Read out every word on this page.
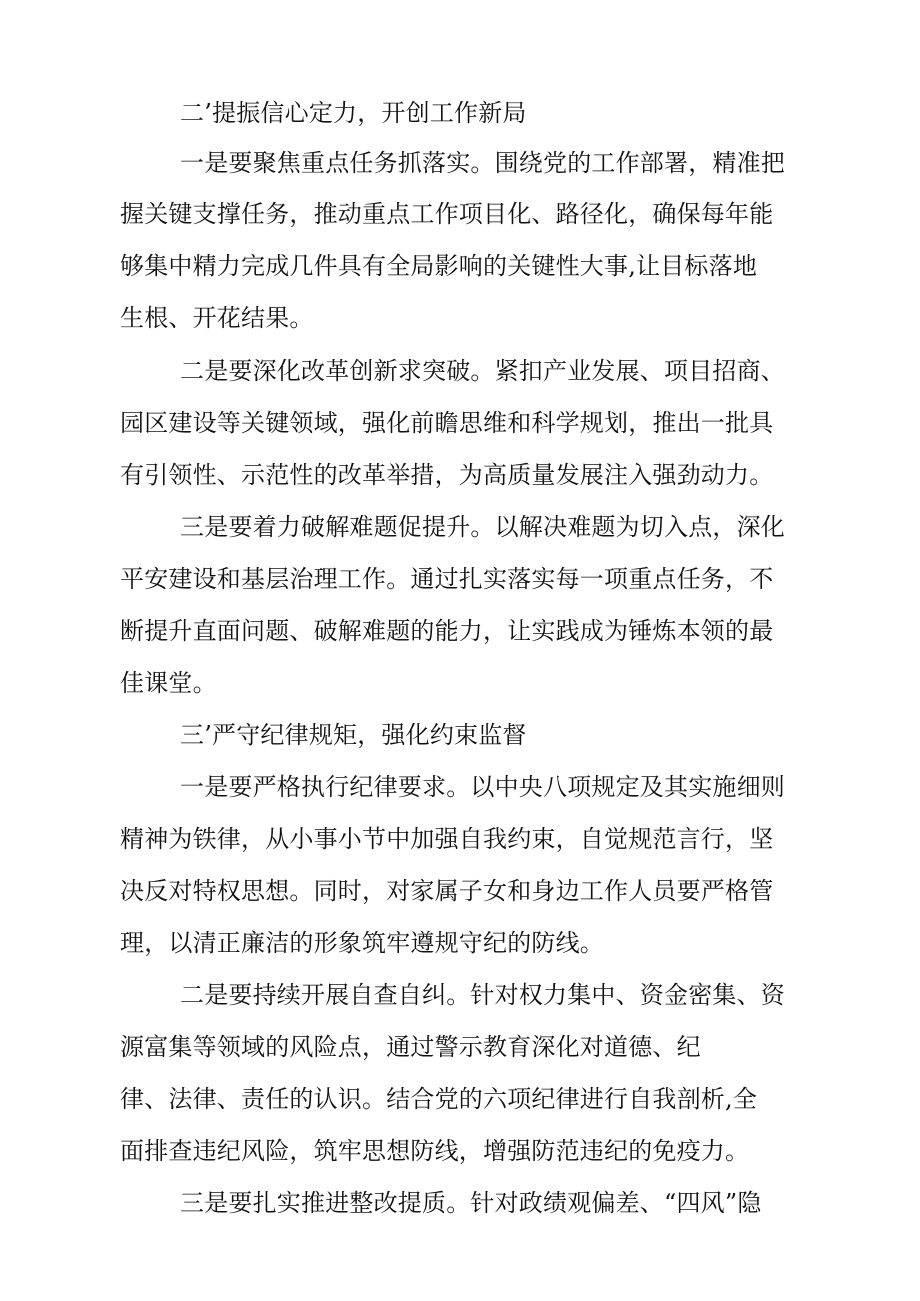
二’提振信心定力，开创工作新局
一是要聚焦重点任务抓落实。围绕党的工作部署，精准把
握关键支撑任务，推动重点工作项目化、路径化，确保每年能
够集中精力完成几件具有全局影响的关键性大事,让目标落地
生根、开花结果。
二是要深化改革创新求突破。紧扣产业发展、项目招商、
园区建设等关键领域，强化前瞻思维和科学规划，推出一批具
有引领性、示范性的改革举措，为高质量发展注入强劲动力。
三是要着力破解难题促提升。以解决难题为切入点，深化
平安建设和基层治理工作。通过扎实落实每一项重点任务，不
断提升直面问题、破解难题的能力，让实践成为锤炼本领的最
佳课堂。
三’严守纪律规矩，强化约束监督
一是要严格执行纪律要求。以中央八项规定及其实施细则
精神为铁律，从小事小节中加强自我约束，自觉规范言行，坚
决反对特权思想。同时，对家属子女和身边工作人员要严格管
理，以清正廉洁的形象筑牢遵规守纪的防线。
二是要持续开展自查自纠。针对权力集中、资金密集、资
源富集等领域的风险点，通过警示教育深化对道德、纪
律、法律、责任的认识。结合党的六项纪律进行自我剖析,全
面排查违纪风险，筑牢思想防线，增强防范违纪的免疫力。
三是要扎实推进整改提质。针对政绩观偏差、“四风”隐
